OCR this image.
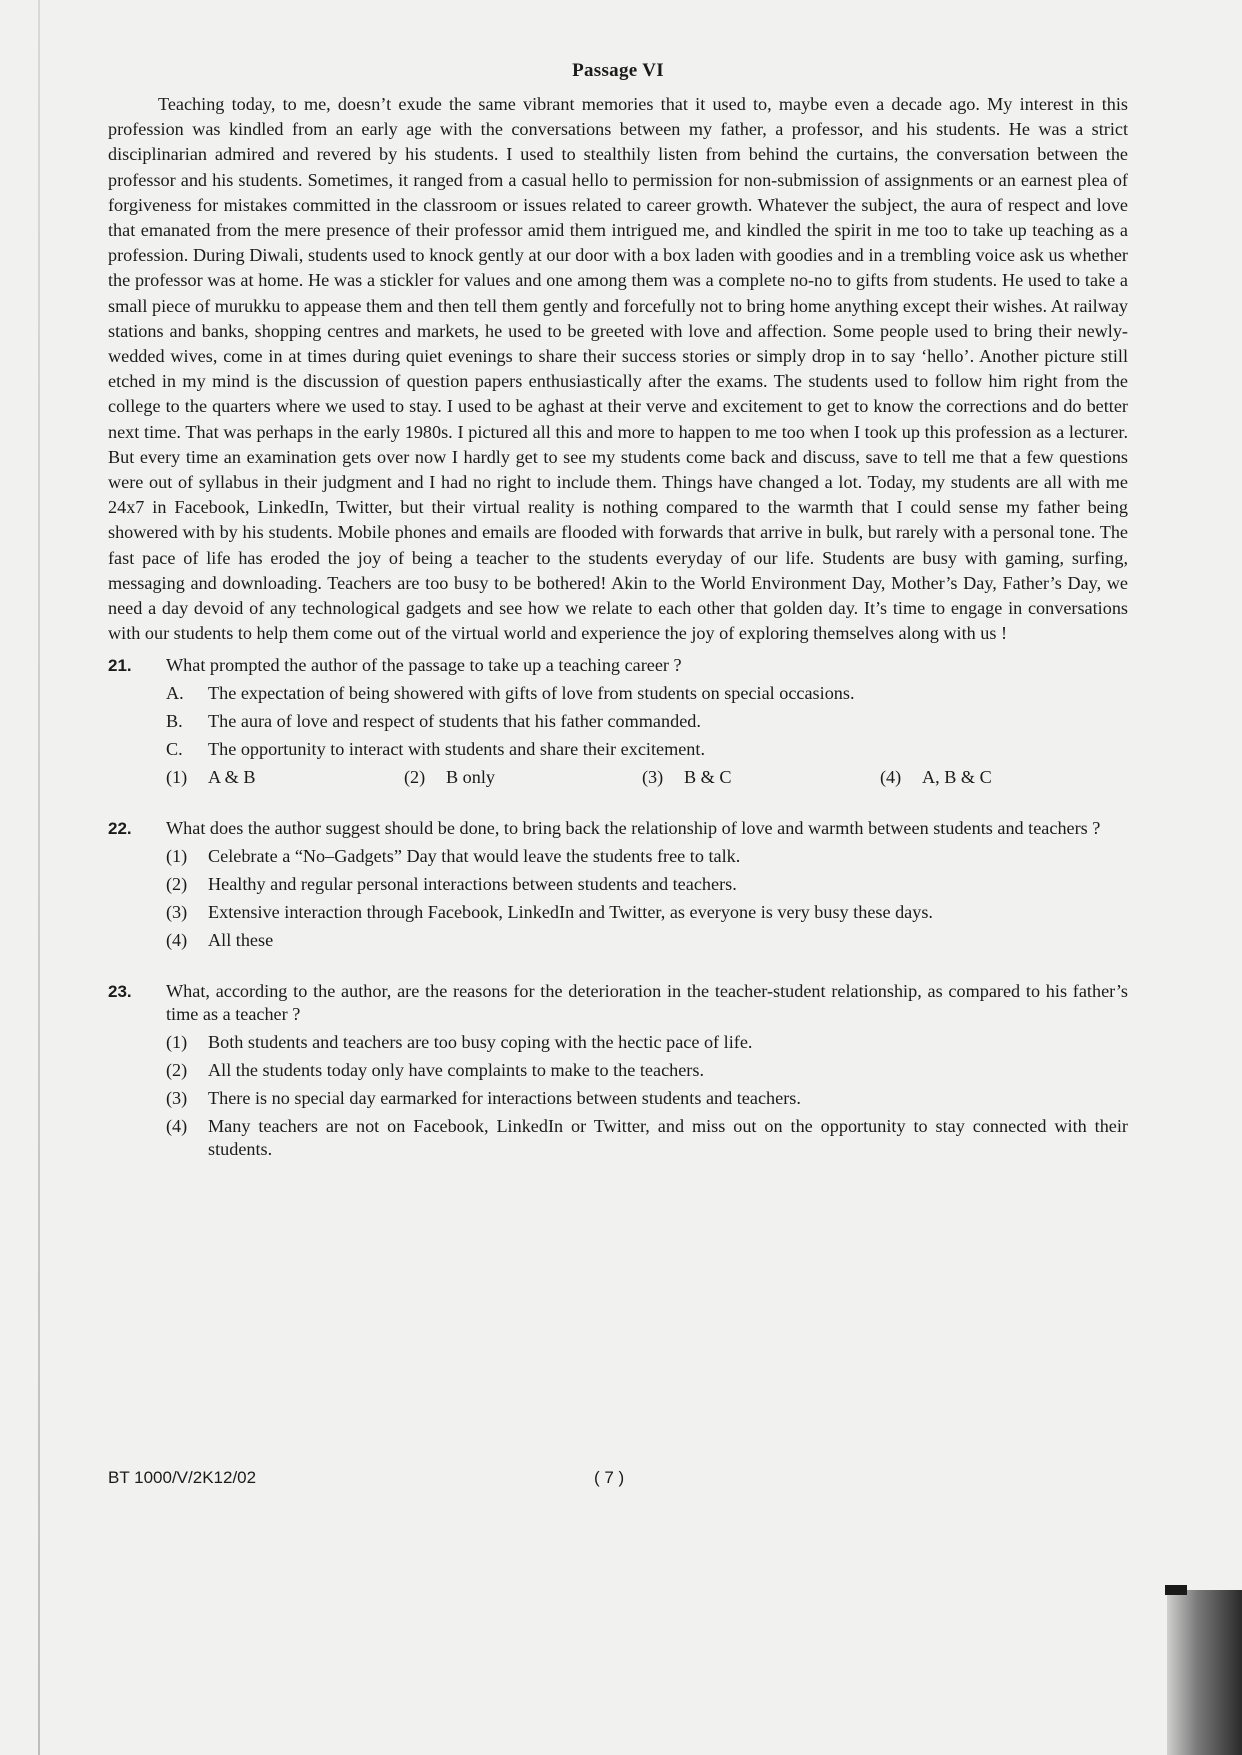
Passage VI

Teaching today, to me, doesn’t exude the same vibrant memories that it used to, maybe even a decade ago. My interest in this profession was kindled from an early age with the conversations between my father, a professor, and his students. He was a strict disciplinarian admired and revered by his students. I used to stealthily listen from behind the curtains, the conversation between the professor and his students. Sometimes, it ranged from a casual hello to permission for non-submission of assignments or an earnest plea of forgiveness for mistakes committed in the classroom or issues related to career growth. Whatever the subject, the aura of respect and love that emanated from the mere presence of their professor amid them intrigued me, and kindled the spirit in me too to take up teaching as a profession. During Diwali, students used to knock gently at our door with a box laden with goodies and in a trembling voice ask us whether the professor was at home. He was a stickler for values and one among them was a complete no-no to gifts from students. He used to take a small piece of murukku to appease them and then tell them gently and forcefully not to bring home anything except their wishes. At railway stations and banks, shopping centres and markets, he used to be greeted with love and affection. Some people used to bring their newly-wedded wives, come in at times during quiet evenings to share their success stories or simply drop in to say ‘hello’. Another picture still etched in my mind is the discussion of question papers enthusiastically after the exams. The students used to follow him right from the college to the quarters where we used to stay. I used to be aghast at their verve and excitement to get to know the corrections and do better next time. That was perhaps in the early 1980s. I pictured all this and more to happen to me too when I took up this profession as a lecturer. But every time an examination gets over now I hardly get to see my students come back and discuss, save to tell me that a few questions were out of syllabus in their judgment and I had no right to include them. Things have changed a lot. Today, my students are all with me 24x7 in Facebook, LinkedIn, Twitter, but their virtual reality is nothing compared to the warmth that I could sense my father being showered with by his students. Mobile phones and emails are flooded with forwards that arrive in bulk, but rarely with a personal tone. The fast pace of life has eroded the joy of being a teacher to the students everyday of our life. Students are busy with gaming, surfing, messaging and downloading. Teachers are too busy to be bothered! Akin to the World Environment Day, Mother’s Day, Father’s Day, we need a day devoid of any technological gadgets and see how we relate to each other that golden day. It’s time to engage in conversations with our students to help them come out of the virtual world and experience the joy of exploring themselves along with us !

21.	What prompted the author of the passage to take up a teaching career ?
A.	The expectation of being showered with gifts of love from students on special occasions.
B.	The aura of love and respect of students that his father commanded.
C.	The opportunity to interact with students and share their excitement.
(1)	A & B	(2)	B only	(3)	B & C	(4)	A, B & C
22.	What does the author suggest should be done, to bring back the relationship of love and warmth between students and teachers ?
(1)	Celebrate a “No–Gadgets” Day that would leave the students free to talk.
(2)	Healthy and regular personal interactions between students and teachers.
(3)	Extensive interaction through Facebook, LinkedIn and Twitter, as everyone is very busy these days.
(4)	All these
23.	What, according to the author, are the reasons for the deterioration in the teacher-student relationship, as compared to his father’s time as a teacher ?
(1)	Both students and teachers are too busy coping with the hectic pace of life.
(2)	All the students today only have complaints to make to the teachers.
(3)	There is no special day earmarked for interactions between students and teachers.
(4)	Many teachers are not on Facebook, LinkedIn or Twitter, and miss out on the opportunity to stay connected with their students.
BT 1000/V/2K12/02	( 7 )
